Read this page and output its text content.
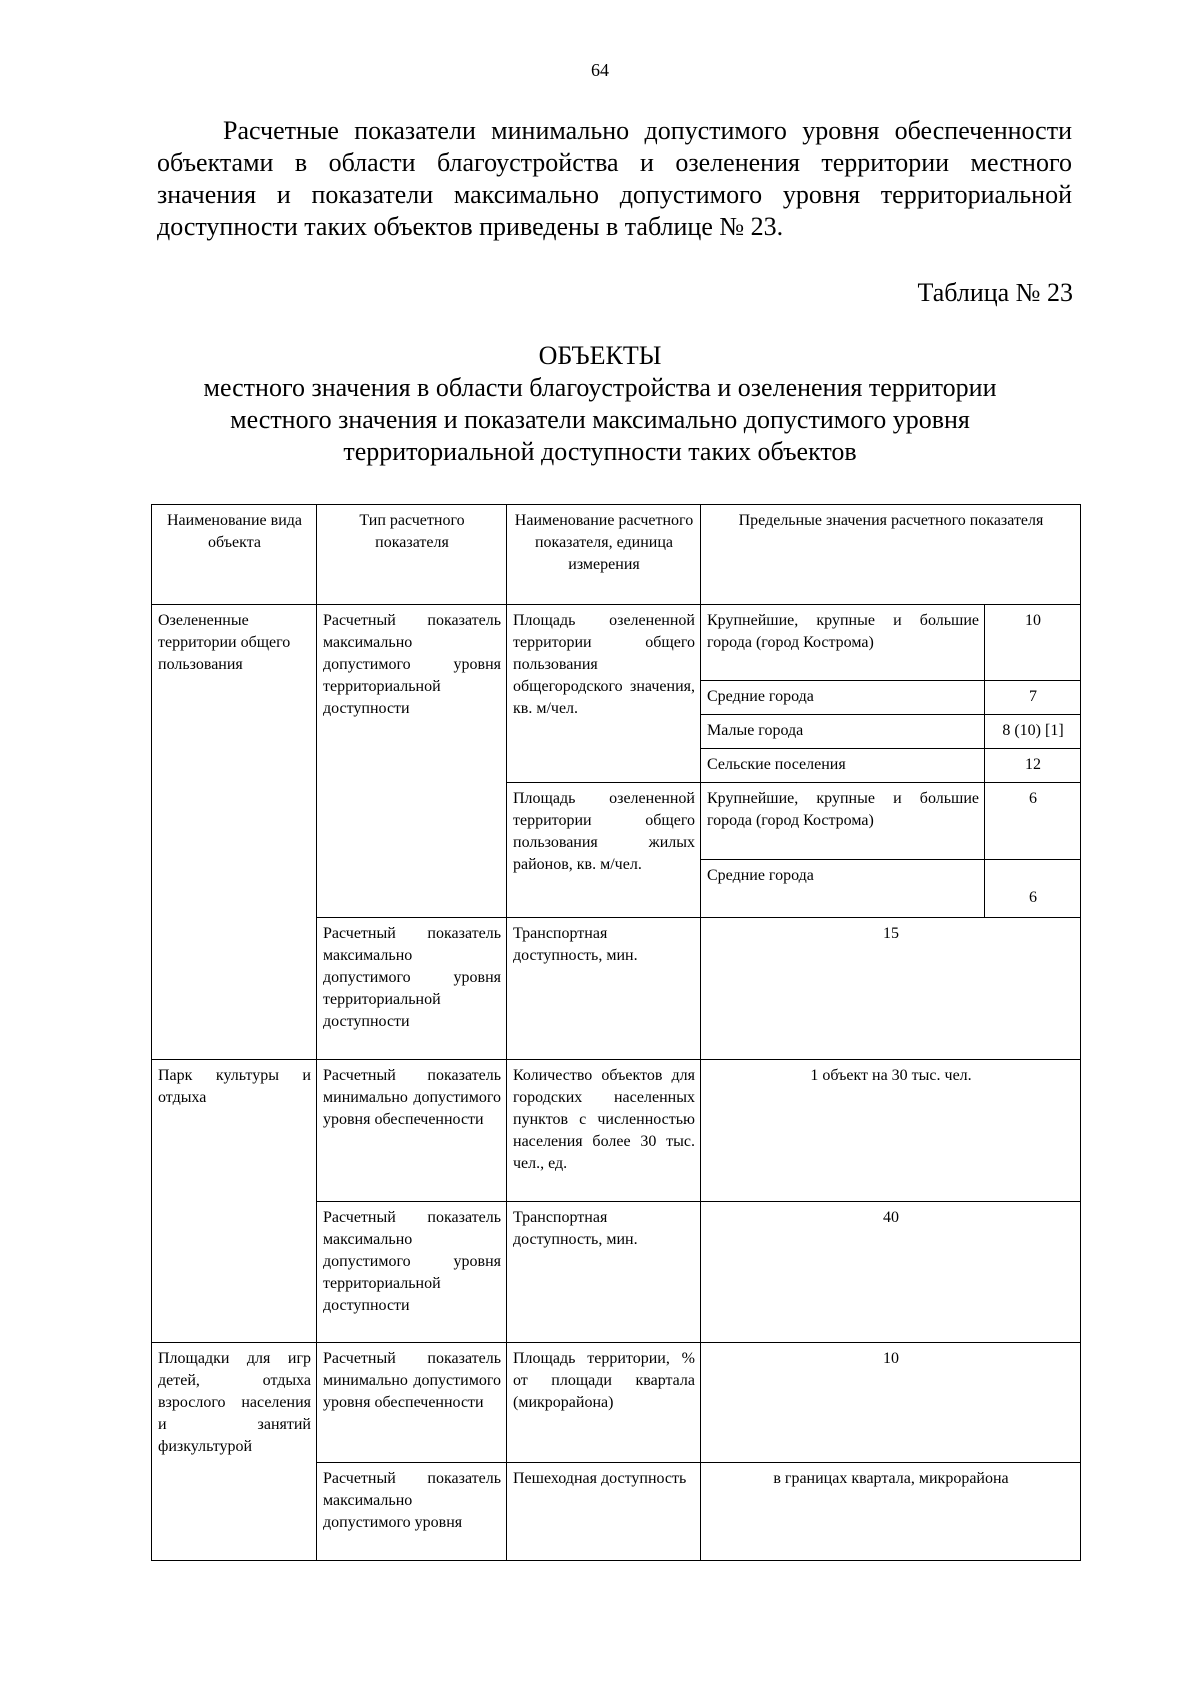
64

Расчетные показатели минимально допустимого уровня обеспеченности объектами в области благоустройства и озеленения территории местного значения и показатели максимально допустимого уровня территориальной доступности таких объектов приведены в таблице № 23.

Таблица № 23
ОБЪЕКТЫ
местного значения в области благоустройства и озеленения территории
местного значения и показатели максимально допустимого уровня
территориальной доступности таких объектов
Наименование вида объекта	Тип расчетного показателя	Наименование расчетного показателя, единица измерения	Предельные значения расчетного показателя	
Озелененные территории общего пользования	Расчетный показатель максимально допустимого уровня территориальной доступности	Площадь озелененной территории общего пользования общегородского значения, кв. м/чел.	Крупнейшие, крупные и большие города (город Кострома)	10
			Средние города	7
			Малые города	8 (10) [1]
			Сельские поселения	12
		Площадь озелененной территории общего пользования жилых районов, кв. м/чел.	Крупнейшие, крупные и большие города (город Кострома)	6
			Средние города	6
	Расчетный показатель максимально допустимого уровня территориальной доступности	Транспортная доступность, мин.	15	
Парк культуры и отдыха	Расчетный показатель минимально допустимого уровня обеспеченности	Количество объектов для городских населенных пунктов с численностью населения более 30 тыс. чел., ед.	1 объект на 30 тыс. чел.	
	Расчетный показатель максимально допустимого уровня территориальной доступности	Транспортная доступность, мин.	40	
Площадки для игр детей, отдыха взрослого населения и занятий физкультурой	Расчетный показатель минимально допустимого уровня обеспеченности	Площадь территории, % от площади квартала (микрорайона)	10	
	Расчетный показатель максимально допустимого уровня	Пешеходная доступность	в границах квартала, микрорайона	
